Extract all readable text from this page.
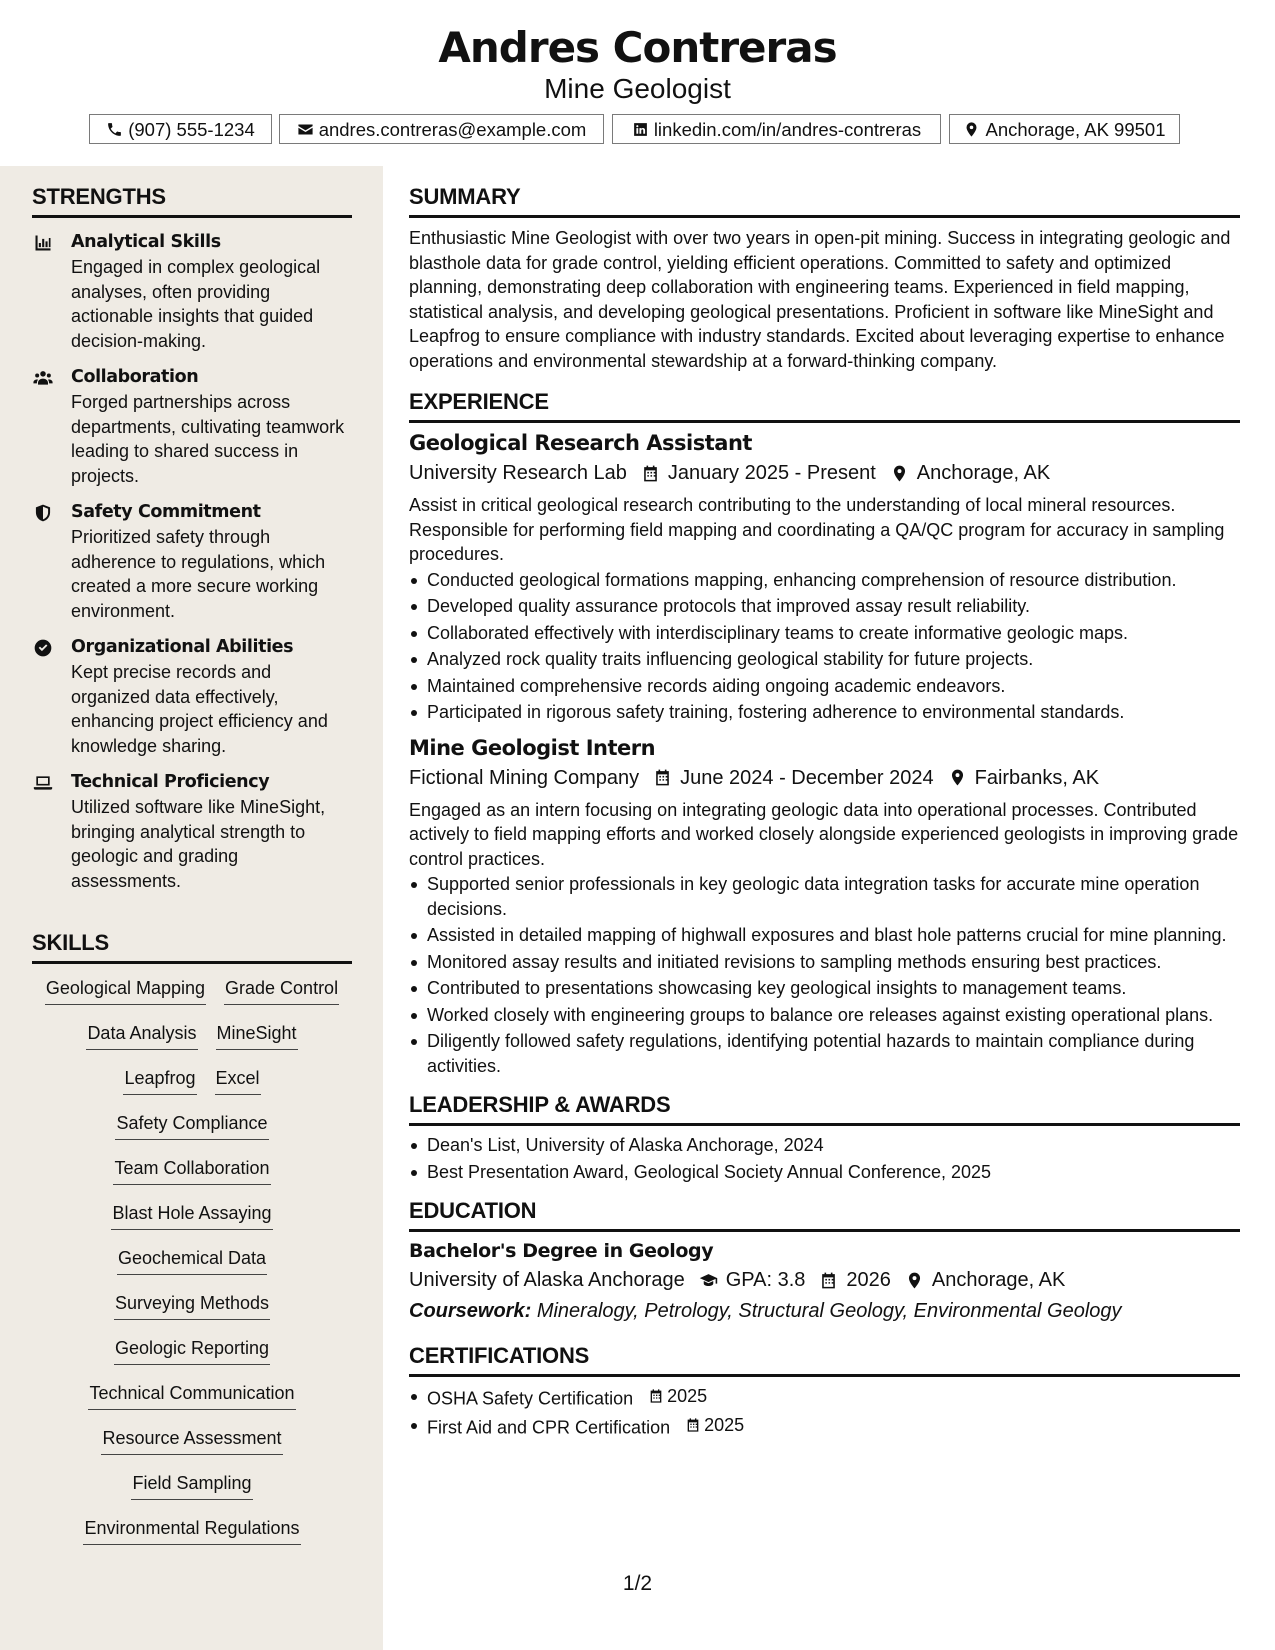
Andres Contreras
Mine Geologist
(907) 555-1234	andres.contreras@example.com	linkedin.com/in/andres-contreras	Anchorage, AK 99501
STRENGTHS
Analytical Skills
Engaged in complex geological analyses, often providing actionable insights that guided decision-making.
Collaboration
Forged partnerships across departments, cultivating teamwork leading to shared success in projects.
Safety Commitment
Prioritized safety through adherence to regulations, which created a more secure working environment.
Organizational Abilities
Kept precise records and organized data effectively, enhancing project efficiency and knowledge sharing.
Technical Proficiency
Utilized software like MineSight, bringing analytical strength to geologic and grading assessments.
SKILLS
Geological Mapping Grade Control
Data Analysis MineSight
Leapfrog Excel
Safety Compliance
Team Collaboration
Blast Hole Assaying
Geochemical Data
Surveying Methods
Geologic Reporting
Technical Communication
Resource Assessment
Field Sampling
Environmental Regulations
SUMMARY
Enthusiastic Mine Geologist with over two years in open-pit mining. Success in integrating geologic and blasthole data for grade control, yielding efficient operations. Committed to safety and optimized planning, demonstrating deep collaboration with engineering teams. Experienced in field mapping, statistical analysis, and developing geological presentations. Proficient in software like MineSight and Leapfrog to ensure compliance with industry standards. Excited about leveraging expertise to enhance operations and environmental stewardship at a forward-thinking company.
EXPERIENCE
Geological Research Assistant
University Research Lab January 2025 - Present Anchorage, AK
Assist in critical geological research contributing to the understanding of local mineral resources. Responsible for performing field mapping and coordinating a QA/QC program for accuracy in sampling procedures.
Conducted geological formations mapping, enhancing comprehension of resource distribution.
Developed quality assurance protocols that improved assay result reliability.
Collaborated effectively with interdisciplinary teams to create informative geologic maps.
Analyzed rock quality traits influencing geological stability for future projects.
Maintained comprehensive records aiding ongoing academic endeavors.
Participated in rigorous safety training, fostering adherence to environmental standards.
Mine Geologist Intern
Fictional Mining Company June 2024 - December 2024 Fairbanks, AK
Engaged as an intern focusing on integrating geologic data into operational processes. Contributed actively to field mapping efforts and worked closely alongside experienced geologists in improving grade control practices.
Supported senior professionals in key geologic data integration tasks for accurate mine operation decisions.
Assisted in detailed mapping of highwall exposures and blast hole patterns crucial for mine planning.
Monitored assay results and initiated revisions to sampling methods ensuring best practices.
Contributed to presentations showcasing key geological insights to management teams.
Worked closely with engineering groups to balance ore releases against existing operational plans.
Diligently followed safety regulations, identifying potential hazards to maintain compliance during activities.
LEADERSHIP & AWARDS
Dean's List, University of Alaska Anchorage, 2024
Best Presentation Award, Geological Society Annual Conference, 2025
EDUCATION
Bachelor's Degree in Geology
University of Alaska Anchorage GPA: 3.8 2026 Anchorage, AK
Coursework: Mineralogy, Petrology, Structural Geology, Environmental Geology
CERTIFICATIONS
OSHA Safety Certification 2025
First Aid and CPR Certification 2025
1/2
